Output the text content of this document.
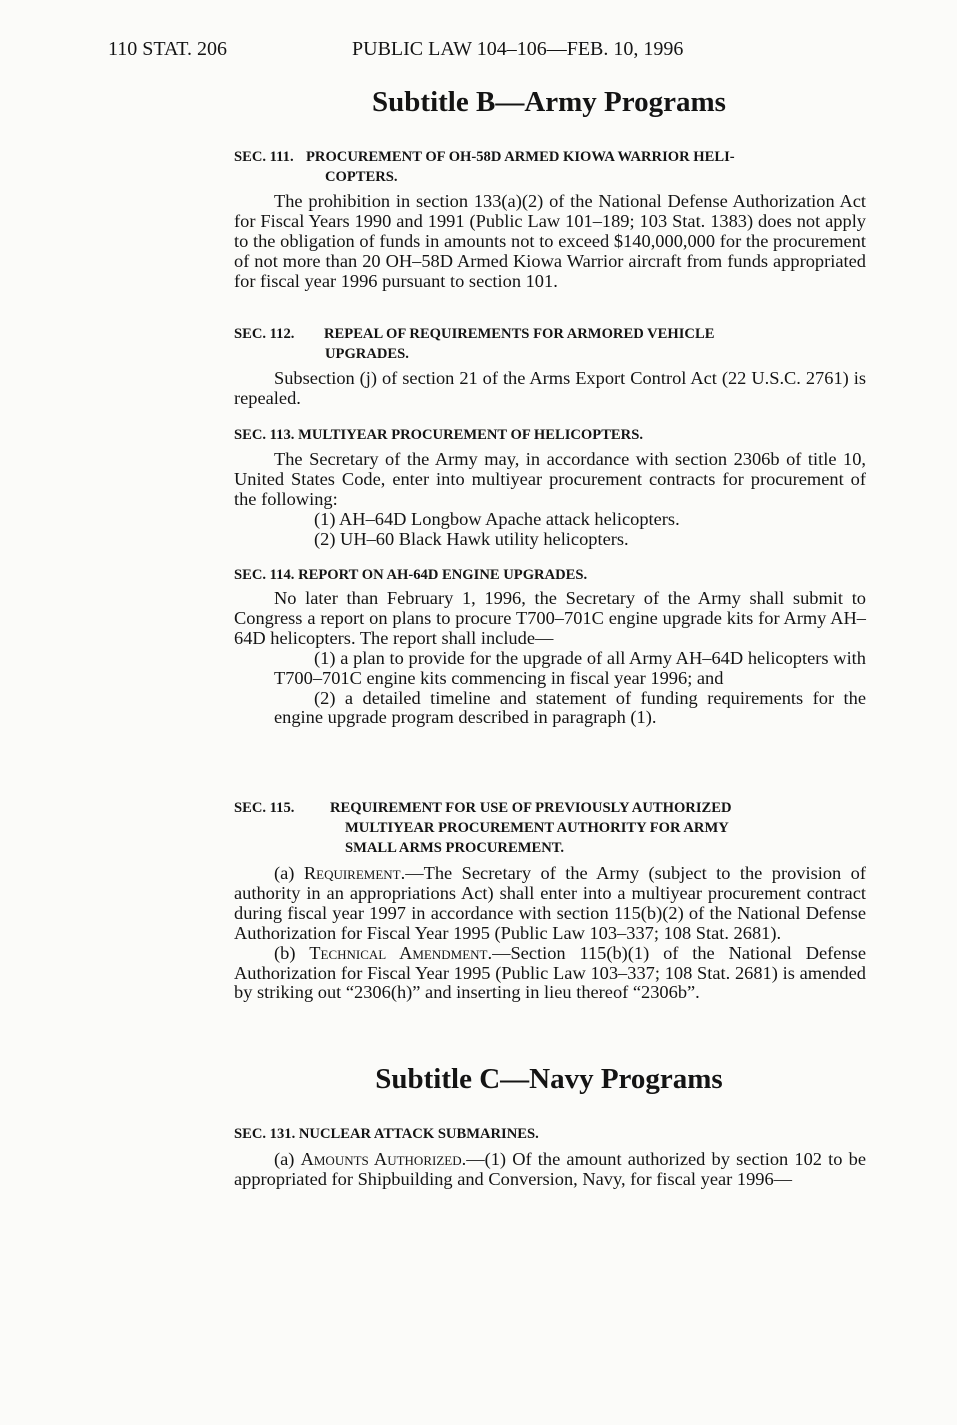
110 STAT. 206	PUBLIC LAW 104–106—FEB. 10, 1996
Subtitle B—Army Programs
SEC. 111. PROCUREMENT OF OH-58D ARMED KIOWA WARRIOR HELI-
COPTERS.

The prohibition in section 133(a)(2) of the National Defense Authorization Act for Fiscal Years 1990 and 1991 (Public Law 101–189; 103 Stat. 1383) does not apply to the obligation of funds in amounts not to exceed $140,000,000 for the procurement of not more than 20 OH–58D Armed Kiowa Warrior aircraft from funds appropriated for fiscal year 1996 pursuant to section 101.

SEC. 112. REPEAL OF REQUIREMENTS FOR ARMORED VEHICLE
UPGRADES.

Subsection (j) of section 21 of the Arms Export Control Act (22 U.S.C. 2761) is repealed.

SEC. 113. MULTIYEAR PROCUREMENT OF HELICOPTERS.

The Secretary of the Army may, in accordance with section 2306b of title 10, United States Code, enter into multiyear procurement contracts for procurement of the following:

(1) AH–64D Longbow Apache attack helicopters.

(2) UH–60 Black Hawk utility helicopters.

SEC. 114. REPORT ON AH-64D ENGINE UPGRADES.

No later than February 1, 1996, the Secretary of the Army shall submit to Congress a report on plans to procure T700–701C engine upgrade kits for Army AH–64D helicopters. The report shall include—

(1) a plan to provide for the upgrade of all Army AH–64D helicopters with T700–701C engine kits commencing in fiscal year 1996; and

(2) a detailed timeline and statement of funding requirements for the engine upgrade program described in paragraph (1).

SEC. 115. REQUIREMENT FOR USE OF PREVIOUSLY AUTHORIZED
MULTIYEAR PROCUREMENT AUTHORITY FOR ARMY
SMALL ARMS PROCUREMENT.

(a) Requirement.—The Secretary of the Army (subject to the provision of authority in an appropriations Act) shall enter into a multiyear procurement contract during fiscal year 1997 in accordance with section 115(b)(2) of the National Defense Authorization for Fiscal Year 1995 (Public Law 103–337; 108 Stat. 2681).

(b) Technical Amendment.—Section 115(b)(1) of the National Defense Authorization for Fiscal Year 1995 (Public Law 103–337; 108 Stat. 2681) is amended by striking out “2306(h)” and inserting in lieu thereof “2306b”.

Subtitle C—Navy Programs
SEC. 131. NUCLEAR ATTACK SUBMARINES.

(a) Amounts Authorized.—(1) Of the amount authorized by section 102 to be appropriated for Shipbuilding and Conversion, Navy, for fiscal year 1996—
